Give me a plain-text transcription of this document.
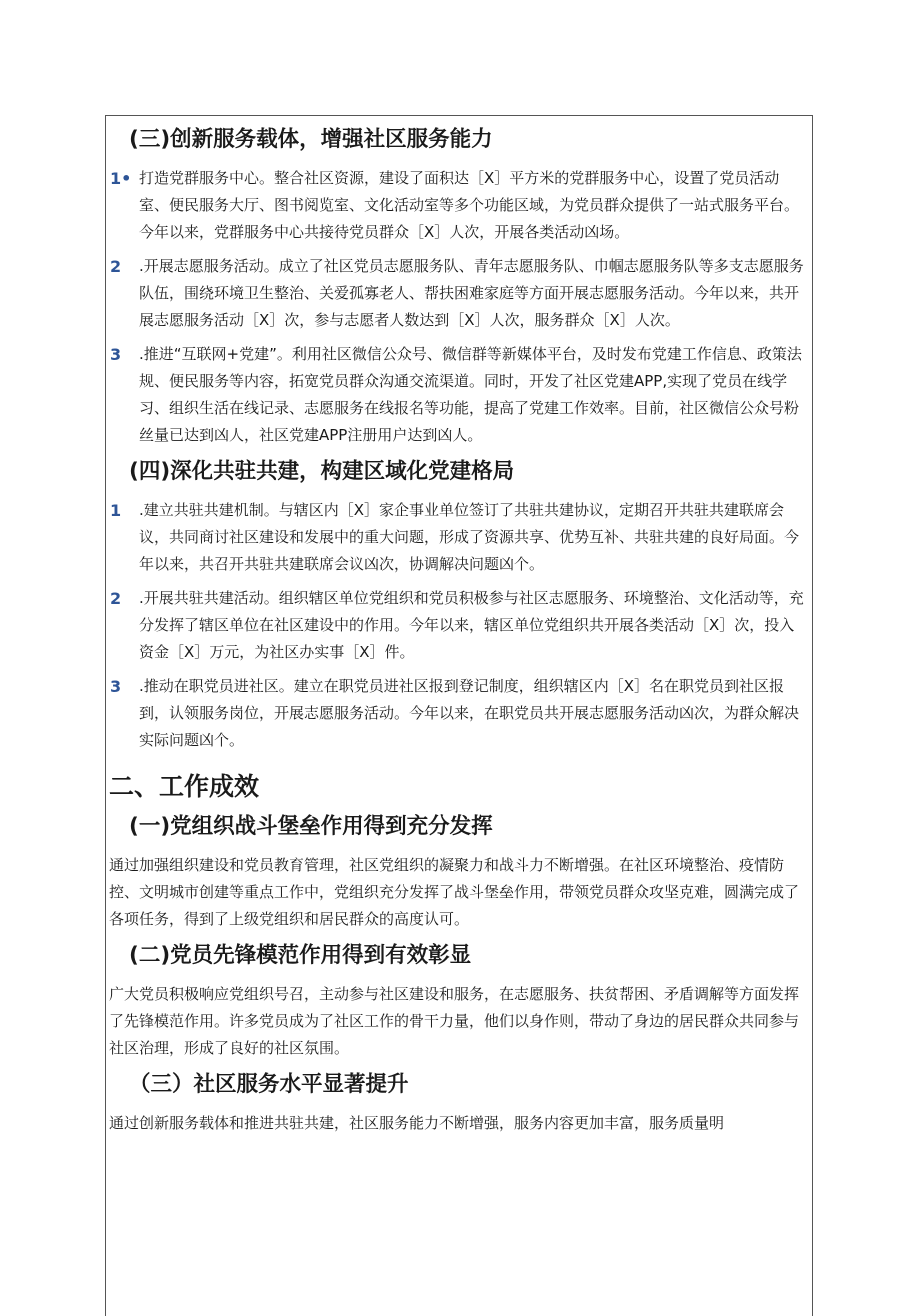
(三)创新服务载体，增强社区服务能力
1• 打造党群服务中心。整合社区资源，建设了面积达［X］平方米的党群服务中心，设置了党员活动室、便民服务大厅、图书阅览室、文化活动室等多个功能区域，为党员群众提供了一站式服务平台。今年以来，党群服务中心共接待党员群众［X］人次，开展各类活动凶场。
2	.开展志愿服务活动。成立了社区党员志愿服务队、青年志愿服务队、巾帼志愿服务队等多支志愿服务队伍，围绕环境卫生整治、关爱孤寡老人、帮扶困难家庭等方面开展志愿服务活动。今年以来，共开展志愿服务活动［X］次，参与志愿者人数达到［X］人次，服务群众［X］人次。
3	.推进“互联网+党建”。利用社区微信公众号、微信群等新媒体平台，及时发布党建工作信息、政策法规、便民服务等内容，拓宽党员群众沟通交流渠道。同时，开发了社区党建APP,实现了党员在线学习、组织生活在线记录、志愿服务在线报名等功能，提高了党建工作效率。目前，社区微信公众号粉丝量已达到凶人，社区党建APP注册用户达到凶人。
(四)深化共驻共建，构建区域化党建格局
1	.建立共驻共建机制。与辖区内［X］家企事业单位签订了共驻共建协议，定期召开共驻共建联席会议，共同商讨社区建设和发展中的重大问题，形成了资源共享、优势互补、共驻共建的良好局面。今年以来，共召开共驻共建联席会议凶次，协调解决问题凶个。
2	.开展共驻共建活动。组织辖区单位党组织和党员积极参与社区志愿服务、环境整治、文化活动等，充分发挥了辖区单位在社区建设中的作用。今年以来，辖区单位党组织共开展各类活动［X］次，投入资金［X］万元，为社区办实事［X］件。
3	.推动在职党员进社区。建立在职党员进社区报到登记制度，组织辖区内［X］名在职党员到社区报到，认领服务岗位，开展志愿服务活动。今年以来，在职党员共开展志愿服务活动凶次，为群众解决实际问题凶个。
二、工作成效
(一)党组织战斗堡垒作用得到充分发挥

通过加强组织建设和党员教育管理，社区党组织的凝聚力和战斗力不断增强。在社区环境整治、疫情防控、文明城市创建等重点工作中，党组织充分发挥了战斗堡垒作用，带领党员群众攻坚克难，圆满完成了各项任务，得到了上级党组织和居民群众的高度认可。

(二)党员先锋模范作用得到有效彰显

广大党员积极响应党组织号召，主动参与社区建设和服务，在志愿服务、扶贫帮困、矛盾调解等方面发挥了先锋模范作用。许多党员成为了社区工作的骨干力量，他们以身作则，带动了身边的居民群众共同参与社区治理，形成了良好的社区氛围。

（三）社区服务水平显著提升

通过创新服务载体和推进共驻共建，社区服务能力不断增强，服务内容更加丰富，服务质量明
